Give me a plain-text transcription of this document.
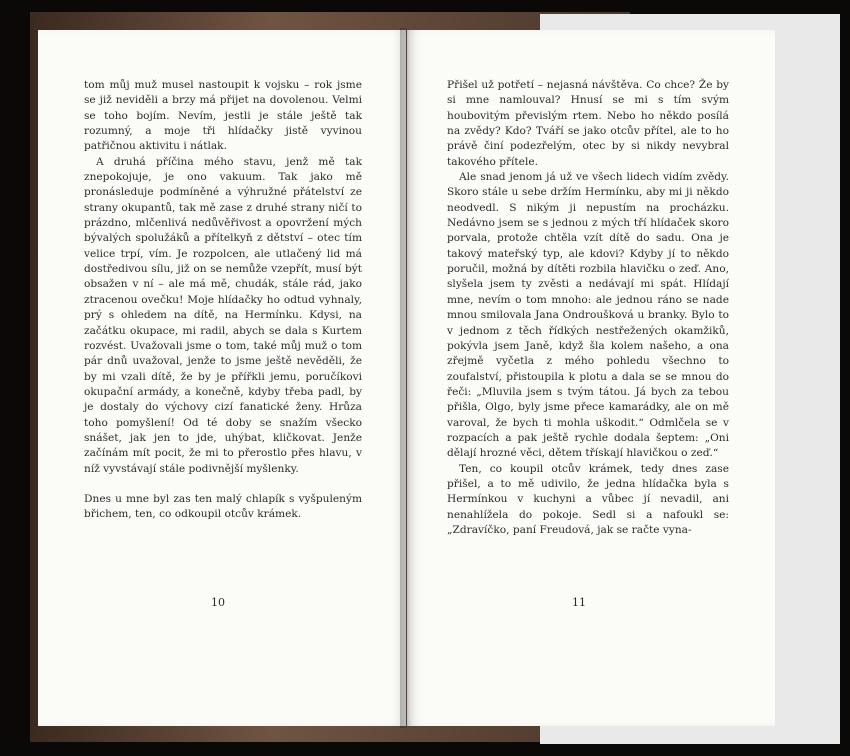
tom můj muž musel nastoupit k vojsku – rok jsme se již neviděli a brzy má přijet na dovolenou. Velmi se toho bojím. Nevím, jestli je stále ještě tak rozumný, a moje tři hlídačky jistě vyvinou patřičnou aktivitu i nátlak.

A druhá příčina mého stavu, jenž mě tak znepokojuje, je ono vakuum. Tak jako mě pronásleduje podmíněné a výhružné přátelství ze strany okupantů, tak mě zase z druhé strany ničí to prázdno, mlčenlivá nedůvěřivost a opovržení mých bývalých spolužáků a přítelkyň z dětství – otec tím velice trpí, vím. Je rozpolcen, ale utlačený lid má dostředivou sílu, již on se nemůže vzepřít, musí být obsažen v ní – ale má mě, chudák, stále rád, jako ztracenou ovečku! Moje hlídačky ho odtud vyhnaly, prý s ohledem na dítě, na Hermínku. Kdysi, na začátku okupace, mi radil, abych se dala s Kurtem rozvést. Uvažovali jsme o tom, také můj muž o tom pár dnů uvažoval, jenže to jsme ještě nevěděli, že by mi vzali dítě, že by je přířkli jemu, poručíkovi okupační armády, a konečně, kdyby třeba padl, by je dostaly do výchovy cizí fanatické ženy. Hrůza toho pomyšlení! Od té doby se snažím všecko snášet, jak jen to jde, uhýbat, kličkovat. Jenže začínám mít pocit, že mi to přerostlo přes hlavu, v níž vyvstávají stále podivnější myšlenky.

Dnes u mne byl zas ten malý chlapík s vyšpuleným břichem, ten, co odkoupil otcův krámek.

10

Přišel už potřetí – nejasná návštěva. Co chce? Že by si mne namlouval? Hnusí se mi s tím svým houbovitým převislým rtem. Nebo ho někdo posílá na zvědy? Kdo? Tváří se jako otcův přítel, ale to ho právě činí podezřelým, otec by si nikdy nevybral takového přítele.

Ale snad jenom já už ve všech lidech vidím zvědy. Skoro stále u sebe držím Hermínku, aby mi ji někdo neodvedl. S nikým ji nepustím na procházku. Nedávno jsem se s jednou z mých tří hlídaček skoro porvala, protože chtěla vzít dítě do sadu. Ona je takový mateřský typ, ale kdovi? Kdyby jí to někdo poručil, možná by dítěti rozbila hlavičku o zeď. Ano, slyšela jsem ty zvěsti a nedávají mi spát. Hlídají mne, nevím o tom mnoho: ale jednou ráno se nade mnou smilovala Jana Ondroušková u branky. Bylo to v jednom z těch řídkých nestřežených okamžiků, pokývla jsem Janě, když šla kolem našeho, a ona zřejmě vyčetla z mého pohledu všechno to zoufalství, přistoupila k plotu a dala se se mnou do řeči: „Mluvila jsem s tvým tátou. Já bych za tebou přišla, Olgo, byly jsme přece kamarádky, ale on mě varoval, že bych ti mohla uškodit.“ Odmlčela se v rozpacích a pak ještě rychle dodala šeptem: „Oni dělají hrozné věci, dětem třískají hlavičkou o zeď.“

Ten, co koupil otcův krámek, tedy dnes zase přišel, a to mě udivilo, že jedna hlídačka byla s Hermínkou v kuchyni a vůbec jí nevadil, ani nenahlížela do pokoje. Sedl si a nafoukl se: „Zdravíčko, paní Freudová, jak se račte vyna-

11
